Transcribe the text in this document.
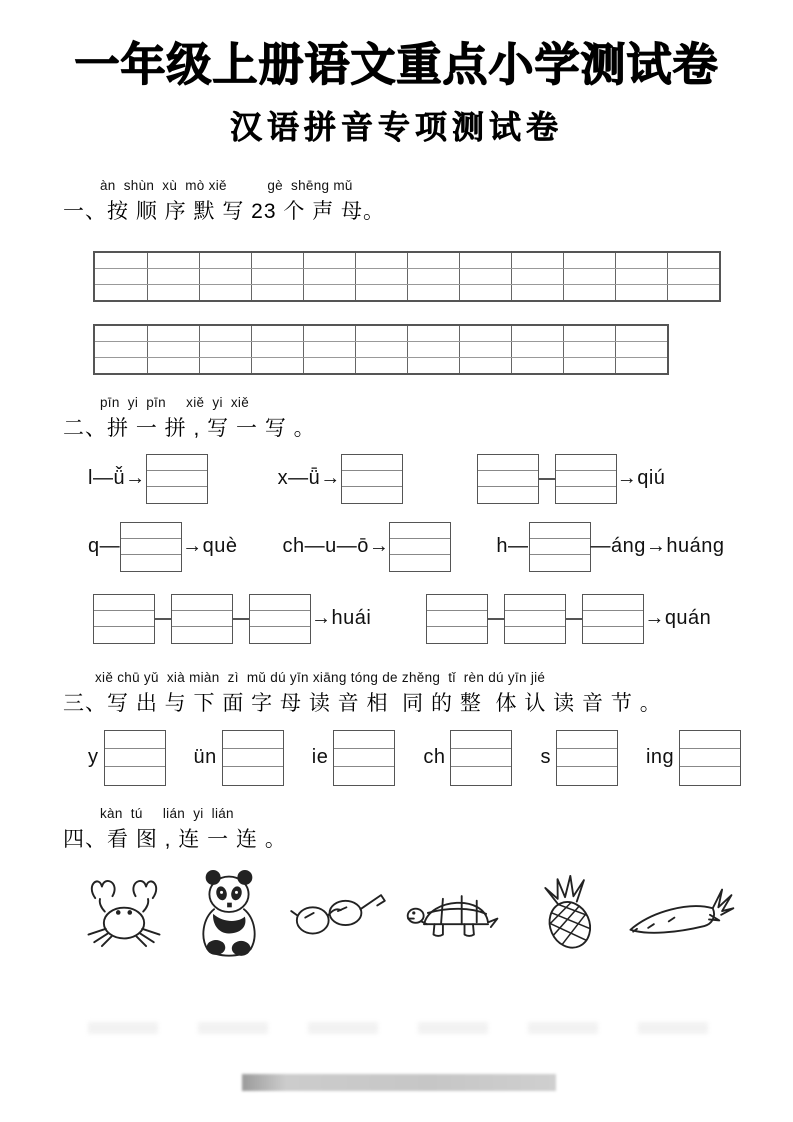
一年级上册语文重点小学测试卷
汉语拼音专项测试卷
àn  shùn  xù  mò xiě          gè  shēng mǔ
一、按 顺 序 默 写 23 个 声 母。
pīn  yi  pīn     xiě  yi  xiě
二、拼 一 拼 , 写 一 写 。
l—ǚ→	x—ǖ→	→qiú
q—	→què ch—u—ō→	h—	—áng→huáng
→huái	→quán
xiě chū yǔ  xià miàn  zì  mǔ dú yīn xiāng tóng de zhěng  tǐ  rèn dú yīn jié
三、写 出 与 下 面 字 母 读 音 相  同 的 整  体 认 读 音 节 。
y	ün	ie	ch	s	ing
kàn  tú     lián  yi  lián
四、看 图 , 连 一 连 。
